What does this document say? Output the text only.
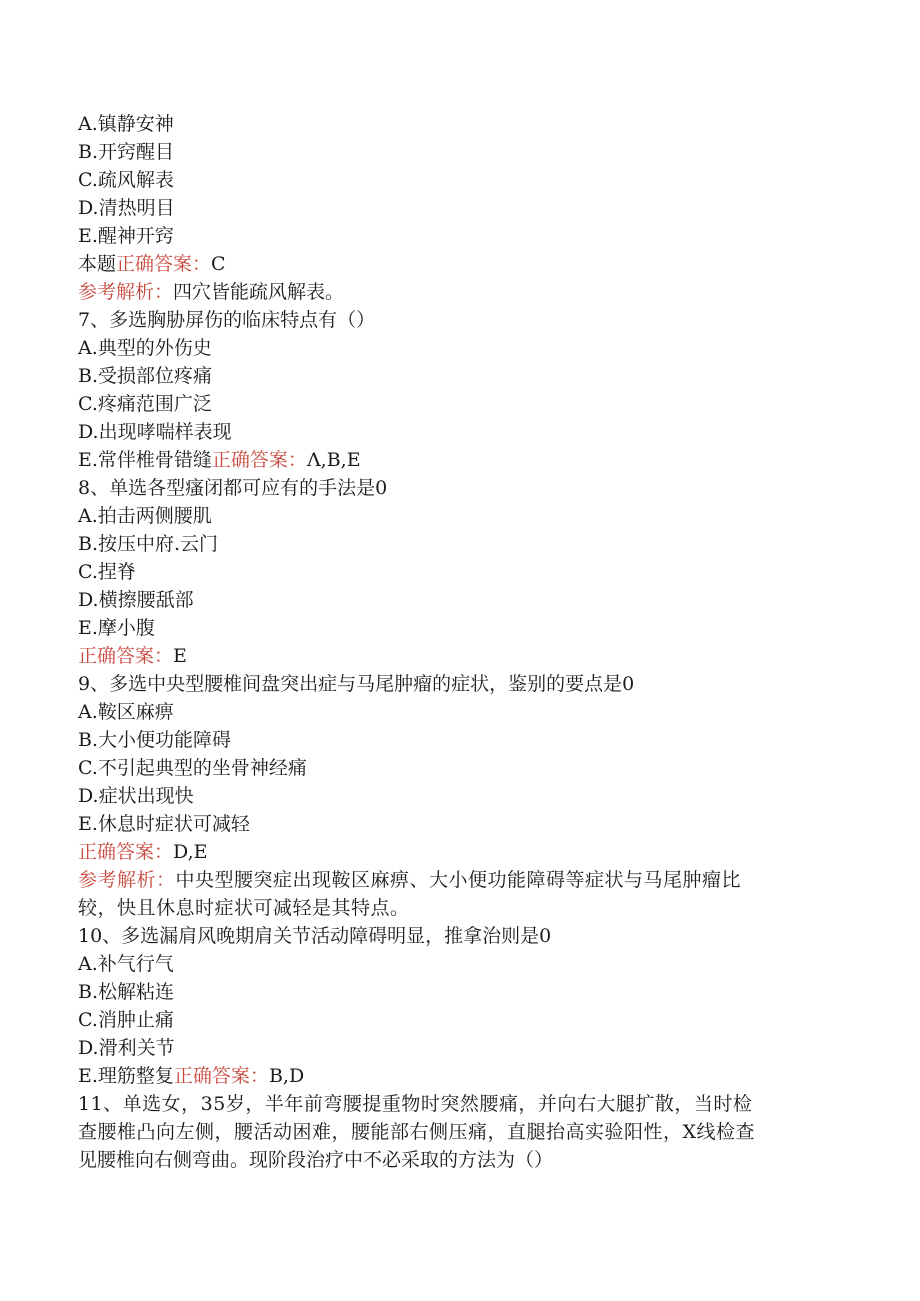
A.镇静安神
B.开窍醒目
C.疏风解表
D.清热明目
E.醒神开窍
本题正确答案：C
参考解析：四穴皆能疏风解表。
7、多选胸胁屏伤的临床特点有（）
A.典型的外伤史
B.受损部位疼痛
C.疼痛范围广泛
D.出现哮喘样表现
E.常伴椎骨错缝正确答案：Λ,B,E
8、单选各型瘙闭都可应有的手法是0
A.拍击两侧腰肌
B.按压中府.云门
C.捏脊
D.横擦腰舐部
E.摩小腹
正确答案：E
9、多选中央型腰椎间盘突出症与马尾肿瘤的症状，鉴别的要点是0
A.鞍区麻痹
B.大小便功能障碍
C.不引起典型的坐骨神经痛
D.症状出现快
E.休息时症状可减轻
正确答案：D,E
参考解析：中央型腰突症出现鞍区麻痹、大小便功能障碍等症状与马尾肿瘤比
较，快且休息时症状可减轻是其特点。
10、多选漏肩风晚期肩关节活动障碍明显，推拿治则是0
A.补气行气
B.松解粘连
C.消肿止痛
D.滑利关节
E.理筋整复正确答案：B,D
11、单选女，35岁，半年前弯腰提重物时突然腰痛，并向右大腿扩散，当时检
查腰椎凸向左侧，腰活动困难，腰能部右侧压痛，直腿抬高实验阳性，X线检查
见腰椎向右侧弯曲。现阶段治疗中不必采取的方法为（）
